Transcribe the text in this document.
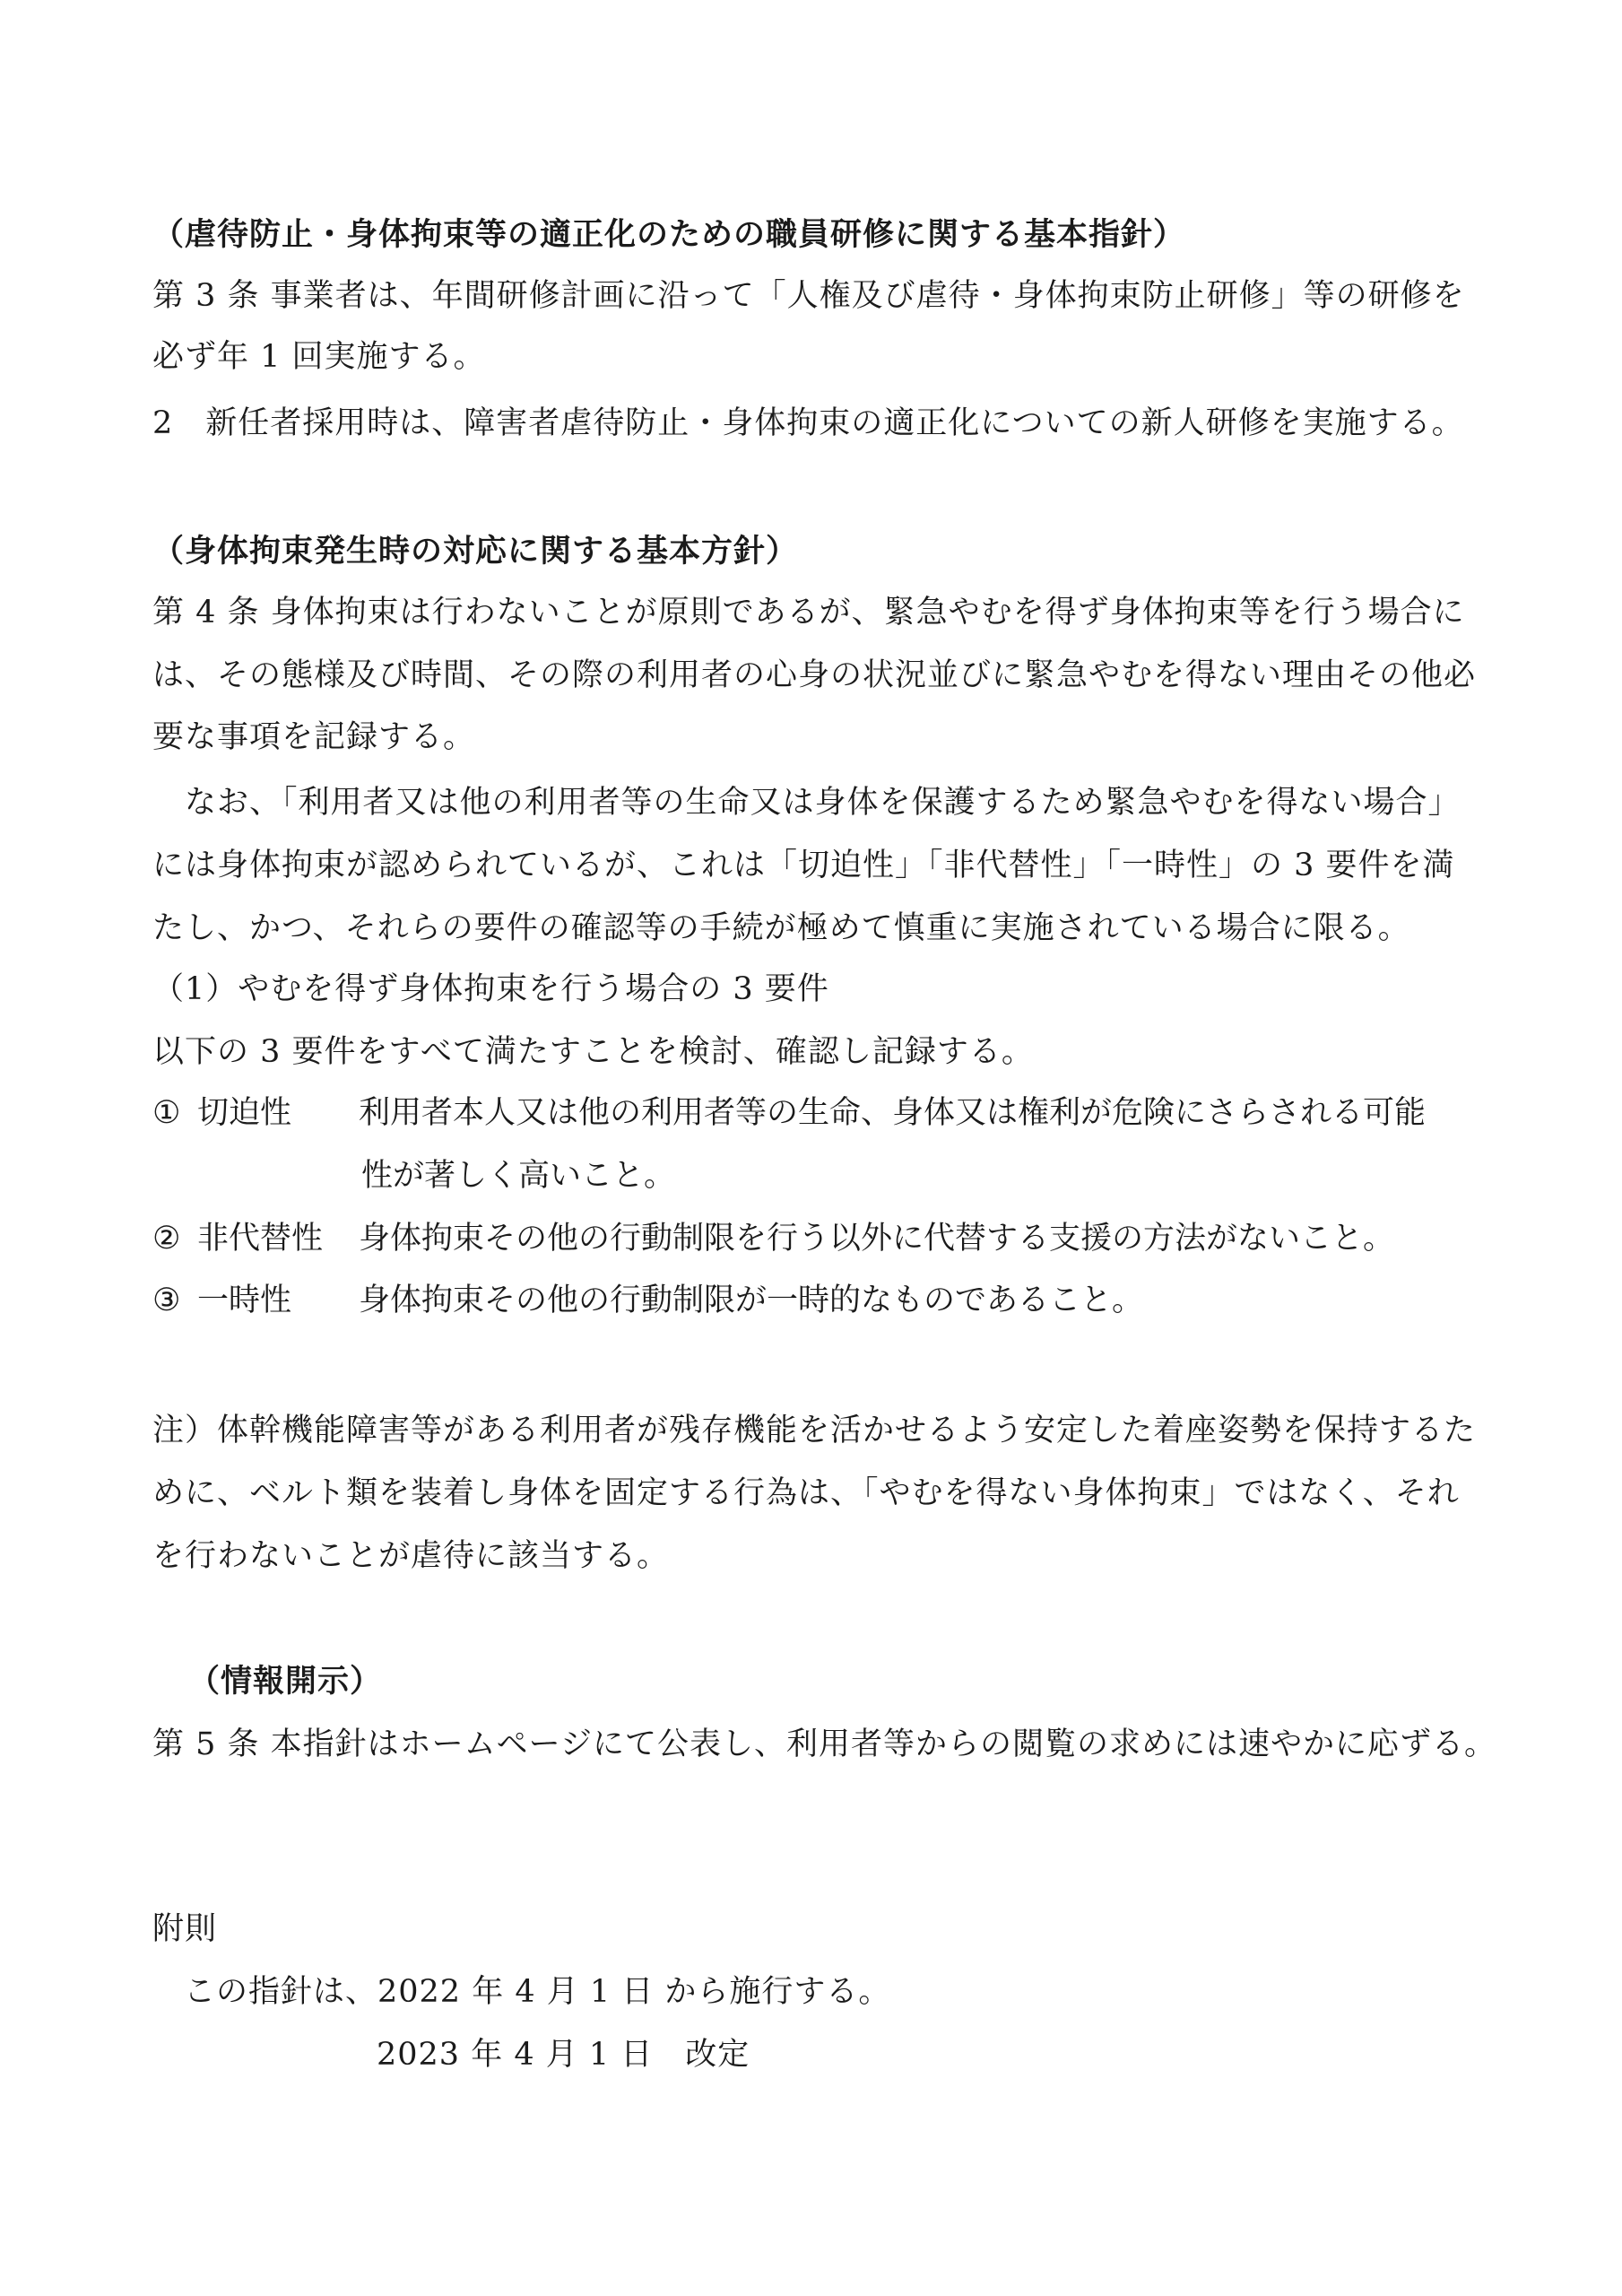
（虐待防止・身体拘束等の適正化のための職員研修に関する基本指針）
第 3 条 事業者は、年間研修計画に沿って「人権及び虐待・身体拘束防止研修」等の研修を
必ず年 1 回実施する。
2　新任者採用時は、障害者虐待防止・身体拘束の適正化についての新人研修を実施する。
（身体拘束発生時の対応に関する基本方針）
第 4 条 身体拘束は行わないことが原則であるが、緊急やむを得ず身体拘束等を行う場合に
は、その態様及び時間、その際の利用者の心身の状況並びに緊急やむを得ない理由その他必
要な事項を記録する。
　なお、「利用者又は他の利用者等の生命又は身体を保護するため緊急やむを得ない場合」
には身体拘束が認められているが、これは「切迫性」「非代替性」「一時性」の 3 要件を満
たし、かつ、それらの要件の確認等の手続が極めて慎重に実施されている場合に限る。
（1）やむを得ず身体拘束を行う場合の 3 要件
以下の 3 要件をすべて満たすことを検討、確認し記録する。
① 切迫性 利用者本人又は他の利用者等の生命、身体又は権利が危険にさらされる可能
性が著しく高いこと。
② 非代替性 身体拘束その他の行動制限を行う以外に代替する支援の方法がないこと。
③ 一時性 身体拘束その他の行動制限が一時的なものであること。
注）体幹機能障害等がある利用者が残存機能を活かせるよう安定した着座姿勢を保持するた
めに、ベルト類を装着し身体を固定する行為は、「やむを得ない身体拘束」ではなく、それ
を行わないことが虐待に該当する。
（情報開示）
第 5 条 本指針はホームページにて公表し、利用者等からの閲覧の求めには速やかに応ずる。
附則
この指針は、2022 年 4 月 1 日 から施行する。
2023 年 4 月 1 日　改定
